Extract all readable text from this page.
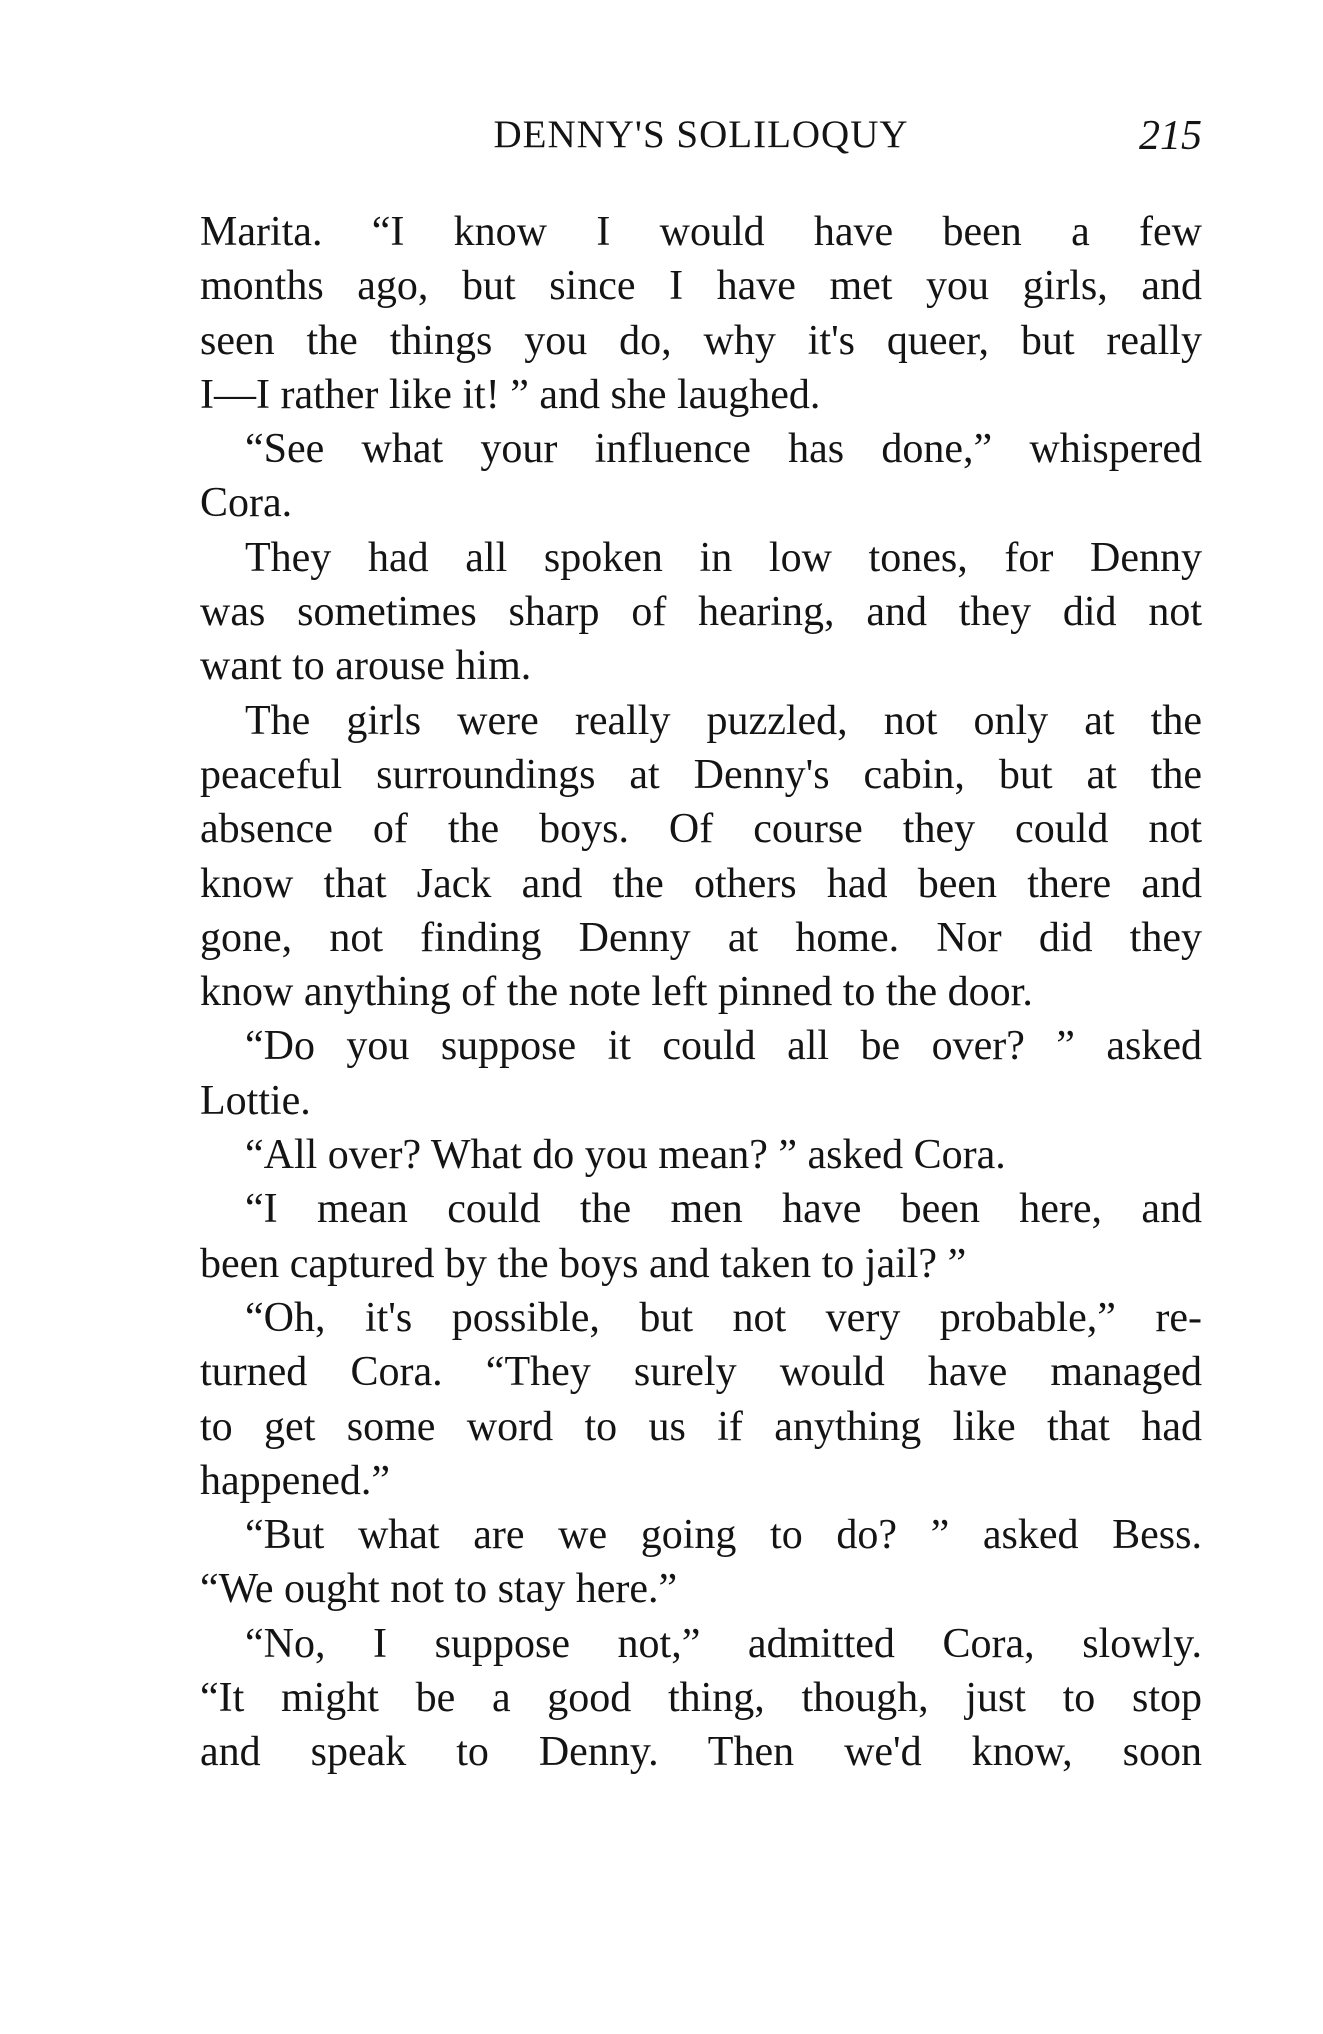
DENNY'S SOLILOQUY	215
Marita. “I know I would have been a few
months ago, but since I have met you girls, and
seen the things you do, why it's queer, but really
I—I rather like it! ” and she laughed.
“See what your influence has done,” whispered
Cora.
They had all spoken in low tones, for Denny
was sometimes sharp of hearing, and they did not
want to arouse him.
The girls were really puzzled, not only at the
peaceful surroundings at Denny's cabin, but at the
absence of the boys. Of course they could not
know that Jack and the others had been there and
gone, not finding Denny at home. Nor did they
know anything of the note left pinned to the door.
“Do you suppose it could all be over? ” asked
Lottie.
“All over? What do you mean? ” asked Cora.
“I mean could the men have been here, and
been captured by the boys and taken to jail? ”
“Oh, it's possible, but not very probable,” re-
turned Cora. “They surely would have managed
to get some word to us if anything like that had
happened.”
“But what are we going to do? ” asked Bess.
“We ought not to stay here.”
“No, I suppose not,” admitted Cora, slowly.
“It might be a good thing, though, just to stop
and speak to Denny. Then we'd know, soon
